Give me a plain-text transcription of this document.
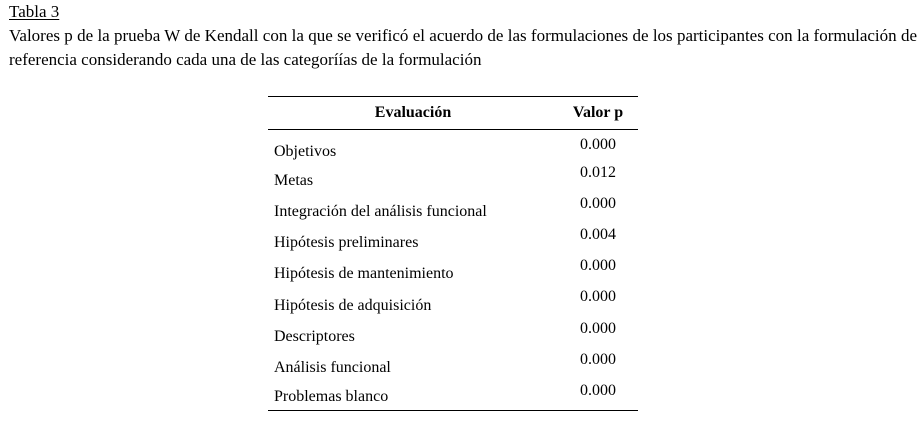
Tabla 3
Valores p de la prueba W de Kendall con la que se verificó el acuerdo de las formulaciones de los participantes con la formulación de referencia considerando cada una de las categoríías de la formulación
Evaluación	Valor p
Objetivos	0.000
Metas	0.012
Integración del análisis funcional	0.000
Hipótesis preliminares	0.004
Hipótesis de mantenimiento	0.000
Hipótesis de adquisición	0.000
Descriptores	0.000
Análisis funcional	0.000
Problemas blanco	0.000
